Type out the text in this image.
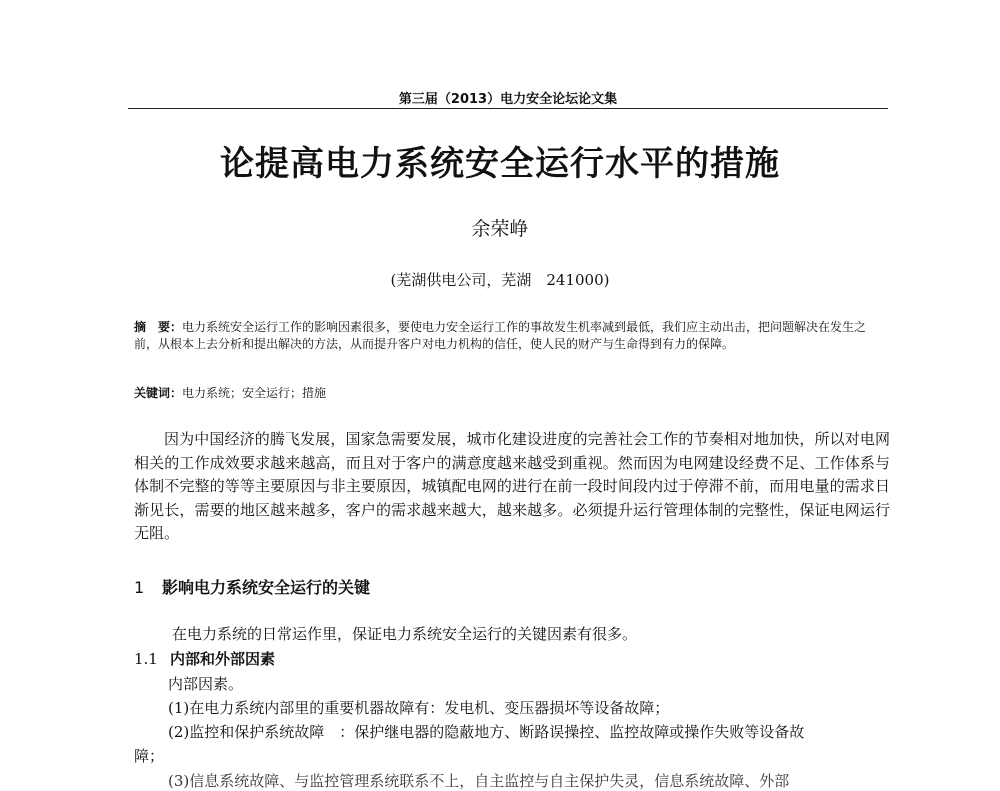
第三届（2013）电力安全论坛论文集
论提高电力系统安全运行水平的措施
余荣峥
(芜湖供电公司，芜湖　241000)
摘　要：电力系统安全运行工作的影响因素很多，要使电力安全运行工作的事故发生机率减到最低，我们应主动出击，把问题解决在发生之前，从根本上去分析和提出解决的方法，从而提升客户对电力机构的信任，使人民的财产与生命得到有力的保障。
关键词：电力系统；安全运行；措施
因为中国经济的腾飞发展，国家急需要发展，城市化建设进度的完善社会工作的节奏相对地加快，所以对电网相关的工作成效要求越来越高，而且对于客户的满意度越来越受到重视。然而因为电网建设经费不足、工作体系与体制不完整的等等主要原因与非主要原因，城镇配电网的进行在前一段时间段内过于停滞不前，而用电量的需求日渐见长，需要的地区越来越多，客户的需求越来越大，越来越多。必须提升运行管理体制的完整性，保证电网运行无阻。
1 影响电力系统安全运行的关键
在电力系统的日常运作里，保证电力系统安全运行的关键因素有很多。
1.1 内部和外部因素
内部因素。
(1)在电力系统内部里的重要机器故障有：发电机、变压器损坏等设备故障；
(2)监控和保护系统故障　：保护继电器的隐蔽地方、断路误操控、监控故障或操作失败等设备故
障；
(3)信息系统故障、与监控管理系统联系不上，自主监控与自主保护失灵，信息系统故障、外部
